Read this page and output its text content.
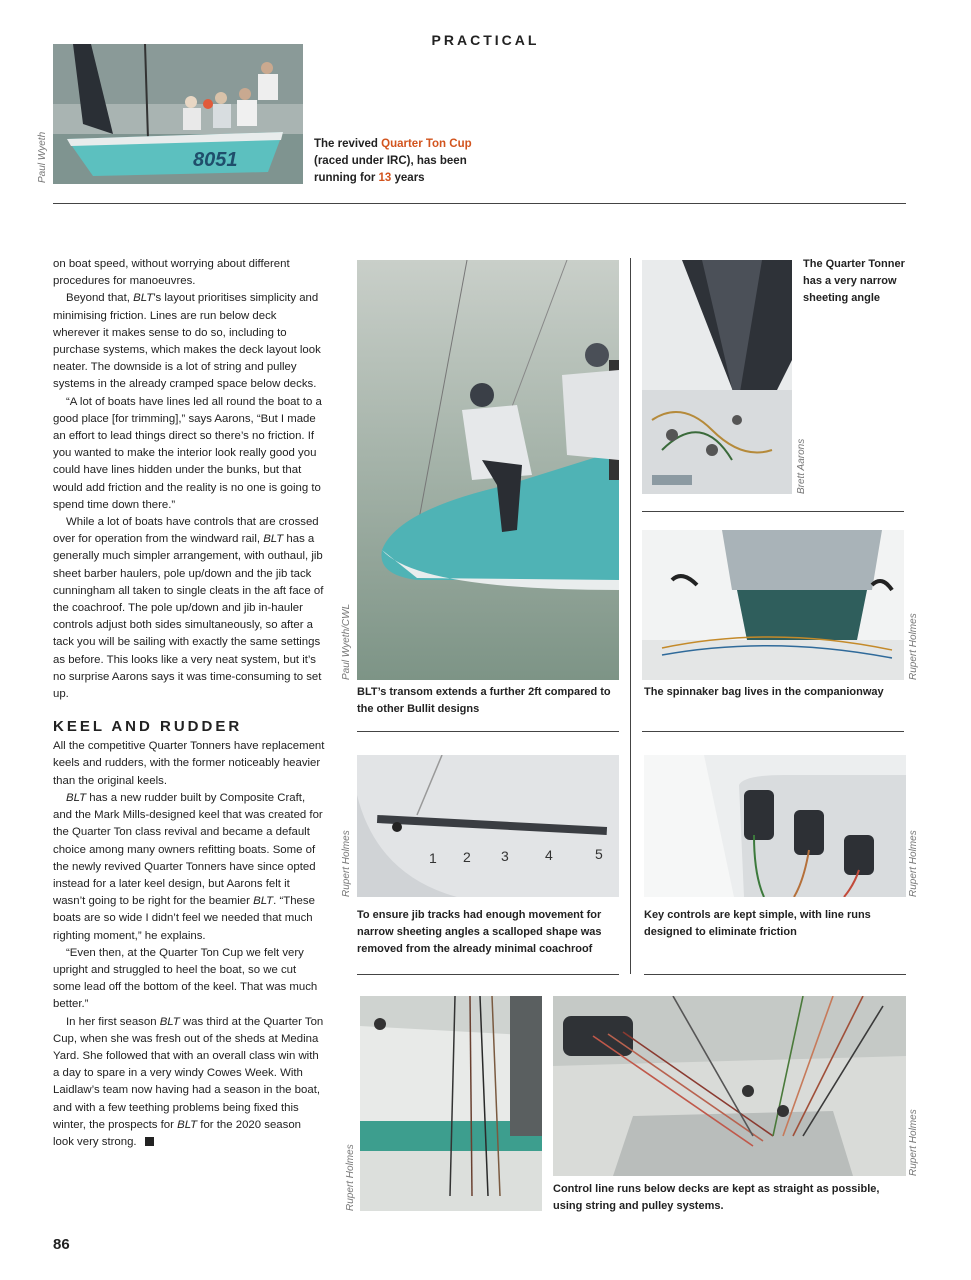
PRACTICAL
8051
Paul Wyeth	The revived Quarter Ton Cup (raced under IRC), has been running for 13 years

on boat speed, without worrying about different procedures for manoeuvres.

Beyond that, BLT’s layout prioritises simplicity and minimising friction. Lines are run below deck wherever it makes sense to do so, including to purchase systems, which makes the deck layout look neater. The downside is a lot of string and pulley systems in the already cramped space below decks.

“A lot of boats have lines led all round the boat to a good place [for trimming],” says Aarons, “But I made an effort to lead things direct so there’s no friction. If you wanted to make the interior look really good you could have lines hidden under the bunks, but that would add friction and the reality is no one is going to spend time down there.”

While a lot of boats have controls that are crossed over for operation from the windward rail, BLT has a generally much simpler arrangement, with outhaul, jib sheet barber haulers, pole up/down and the jib tack cunningham all taken to single cleats in the aft face of the coachroof. The pole up/down and jib in-hauler controls adjust both sides simultaneously, so after a tack you will be sailing with exactly the same settings as before. This looks like a very neat system, but it’s no surprise Aarons says it was time-consuming to set up.

KEEL AND RUDDER

All the competitive Quarter Tonners have replacement keels and rudders, with the former noticeably heavier than the original keels.

BLT has a new rudder built by Composite Craft, and the Mark Mills-designed keel that was created for the Quarter Ton class revival and became a default choice among many owners refitting boats. Some of the newly revived Quarter Tonners have since opted instead for a later keel design, but Aarons felt it wasn’t going to be right for the beamier BLT. “These boats are so wide I didn’t feel we needed that much righting moment,” he explains.

“Even then, at the Quarter Ton Cup we felt very upright and struggled to heel the boat, so we cut some lead off the bottom of the keel. That was much better.”

In her first season BLT was third at the Quarter Ton Cup, when she was fresh out of the sheds at Medina Yard. She followed that with an overall class win with a day to spare in a very windy Cowes Week. With Laidlaw’s team now having had a season in the boat, and with a few teething problems being fixed this winter, the prospects for BLT for the 2020 season look very strong.

Paul Wyeth/CWL
BLT’s transom extends a further 2ft compared to the other Bullit designs
Brett Aarons
The Quarter Tonner has a very narrow sheeting angle
Rupert Holmes
The spinnaker bag lives in the companionway
1 2 3	4	5
Rupert Holmes
To ensure jib tracks had enough movement for narrow sheeting angles a scalloped shape was removed from the already minimal coachroof
Rupert Holmes
Key controls are kept simple, with line runs designed to eliminate friction
Rupert Holmes
Rupert Holmes
Control line runs below decks are kept as straight as possible, using string and pulley systems.
86
